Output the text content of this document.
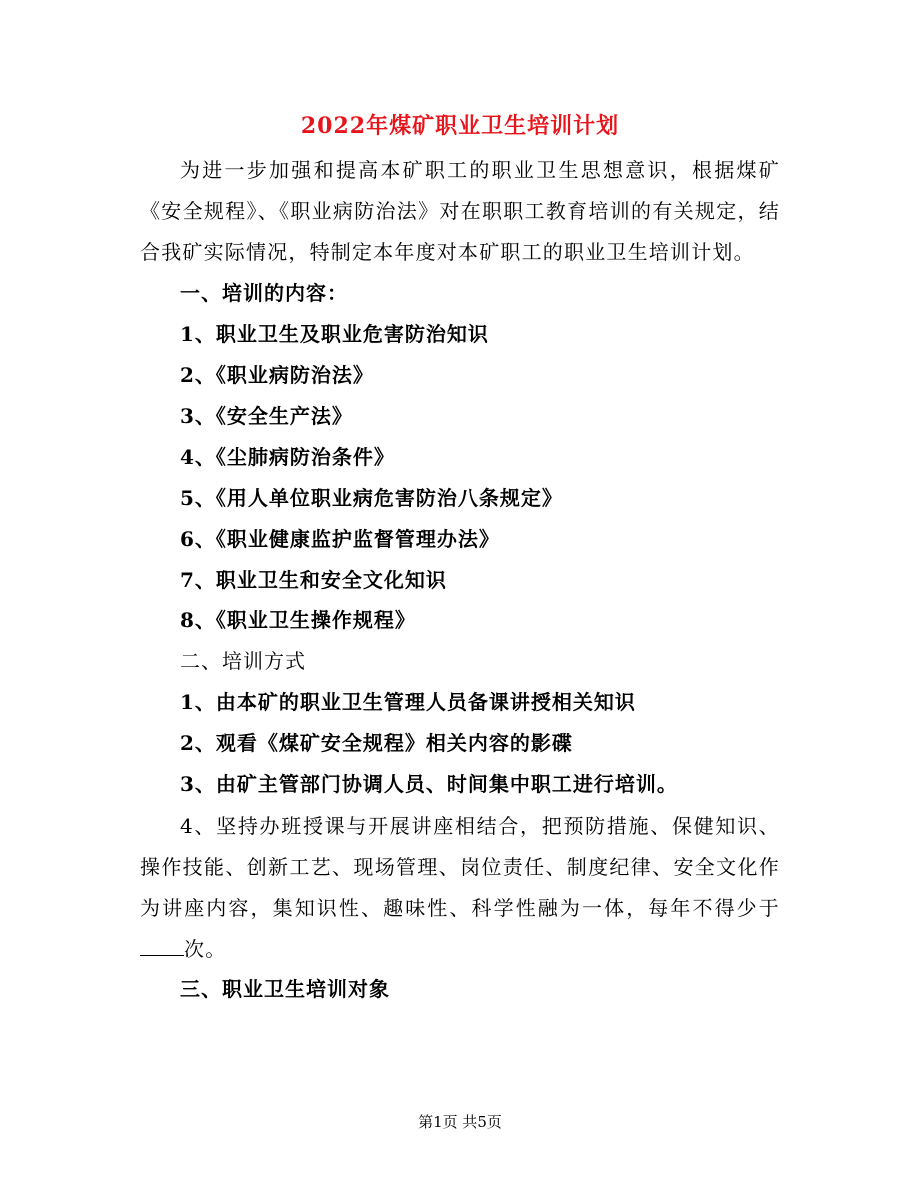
2022年煤矿职业卫生培训计划

为进一步加强和提高本矿职工的职业卫生思想意识，根据煤矿《安全规程》、《职业病防治法》对在职职工教育培训的有关规定，结合我矿实际情况，特制定本年度对本矿职工的职业卫生培训计划。

一、培训的内容：
1、职业卫生及职业危害防治知识
2、《职业病防治法》
3、《安全生产法》
4、《尘肺病防治条件》
5、《用人单位职业病危害防治八条规定》
6、《职业健康监护监督管理办法》
7、职业卫生和安全文化知识
8、《职业卫生操作规程》
二、培训方式
1、由本矿的职业卫生管理人员备课讲授相关知识
2、观看《煤矿安全规程》相关内容的影碟
3、由矿主管部门协调人员、时间集中职工进行培训。

4、坚持办班授课与开展讲座相结合，把预防措施、保健知识、操作技能、创新工艺、现场管理、岗位责任、制度纪律、安全文化作为讲座内容，集知识性、趣味性、科学性融为一体，每年不得少于次。

三、职业卫生培训对象
第1页 共5页
